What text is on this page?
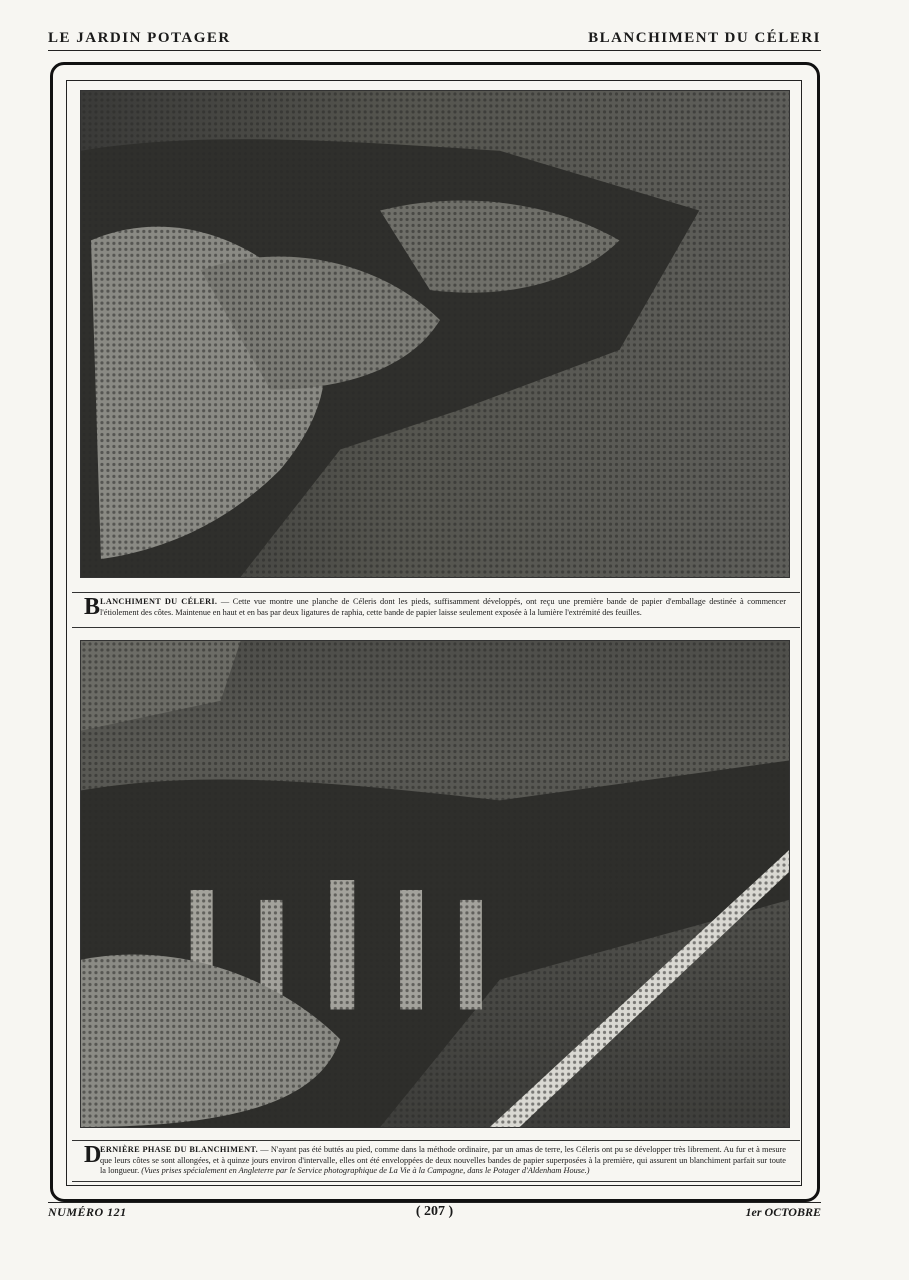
LE JARDIN POTAGER	BLANCHIMENT DU CÉLERI
B LANCHIMENT DU CÉLERI. — Cette vue montre une planche de Céleris dont les pieds, suffisamment développés, ont reçu une première bande de papier d'emballage destinée à commencer l'étiolement des côtes. Maintenue en haut et en bas par deux ligatures de raphia, cette bande de papier laisse seulement exposée à la lumière l'extrémité des feuilles.
D
ERNIÈRE PHASE DU BLANCHIMENT. — N'ayant pas été buttés au pied, comme dans la méthode ordinaire, par un amas de terre, les Céleris ont pu se développer très librement. Au fur et à mesure que leurs côtes se sont allongées, et à quinze jours environ d'intervalle, elles ont été enveloppées de deux nouvelles bandes de papier superposées à la première, qui assurent un blanchiment parfait sur toute la longueur. (Vues prises spécialement en Angleterre par le Service photographique de La Vie à la Campagne, dans le Potager d'Aldenham House.)
NUMÉRO 121	( 207 )	1er OCTOBRE
